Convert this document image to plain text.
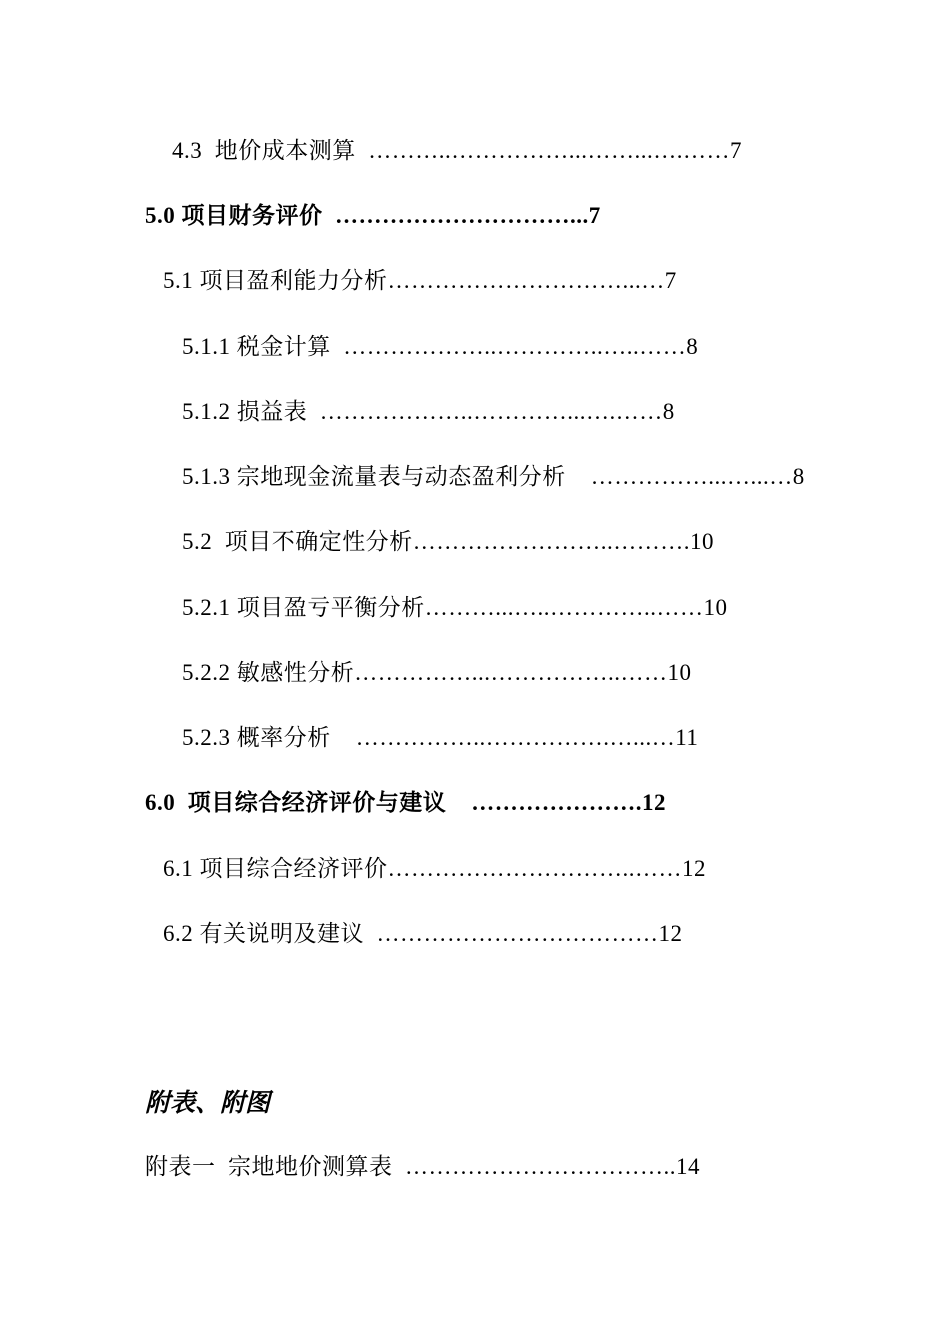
4.3  地价成本测算  ………..……………...……...….……7
5.0 项目财务评价  …………………………...7
5.1 项目盈利能力分析…………………………...…7
5.1.1 税金计算  ………………..…………..…..……8
5.1.2 损益表  ………………..…………...….……8
5.1.3 宗地现金流量表与动态盈利分析    ……………...…...…8
5.2  项目不确定性分析……………………..……….10
5.2.1 项目盈亏平衡分析………...…..…………..……10
5.2.2 敏感性分析……………...……………..……10
5.2.3 概率分析    ……………..…………….…...…11
6.0  项目综合经济评价与建议    ………………….12
6.1 项目综合经济评价…………………………..……12
6.2 有关说明及建议  ………………………………12
附表、附图
附表一  宗地地价测算表  ……………………………..14
